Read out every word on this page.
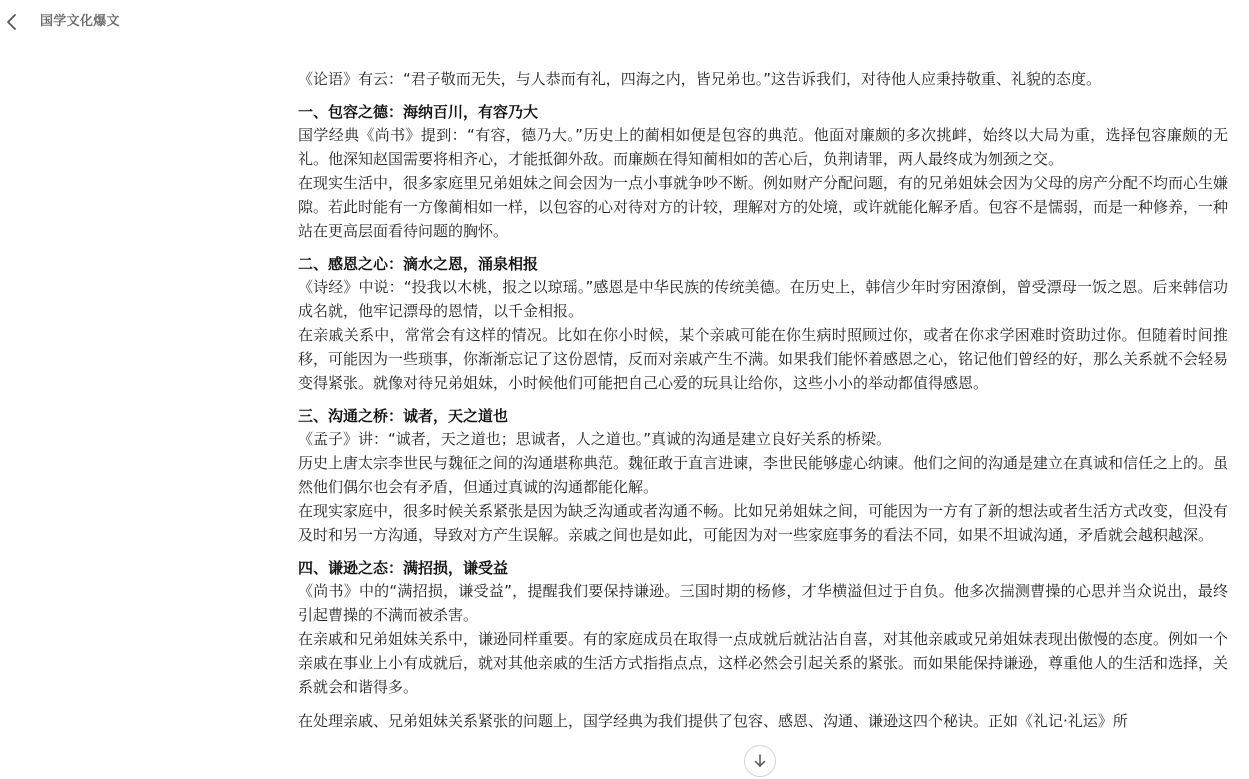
国学文化爆文

《论语》有云：“君子敬而无失，与人恭而有礼，四海之内，皆兄弟也。”这告诉我们，对待他人应秉持敬重、礼貌的态度。

一、包容之德：海纳百川，有容乃大

国学经典《尚书》提到：“有容，德乃大。”历史上的蔺相如便是包容的典范。他面对廉颇的多次挑衅，始终以大局为重，选择包容廉颇的无礼。他深知赵国需要将相齐心，才能抵御外敌。而廉颇在得知蔺相如的苦心后，负荆请罪，两人最终成为刎颈之交。

在现实生活中，很多家庭里兄弟姐妹之间会因为一点小事就争吵不断。例如财产分配问题，有的兄弟姐妹会因为父母的房产分配不均而心生嫌隙。若此时能有一方像蔺相如一样，以包容的心对待对方的计较，理解对方的处境，或许就能化解矛盾。包容不是懦弱，而是一种修养，一种站在更高层面看待问题的胸怀。

二、感恩之心：滴水之恩，涌泉相报

《诗经》中说：“投我以木桃，报之以琼瑶。”感恩是中华民族的传统美德。在历史上，韩信少年时穷困潦倒，曾受漂母一饭之恩。后来韩信功成名就，他牢记漂母的恩情，以千金相报。

在亲戚关系中，常常会有这样的情况。比如在你小时候，某个亲戚可能在你生病时照顾过你，或者在你求学困难时资助过你。但随着时间推移，可能因为一些琐事，你渐渐忘记了这份恩情，反而对亲戚产生不满。如果我们能怀着感恩之心，铭记他们曾经的好，那么关系就不会轻易变得紧张。就像对待兄弟姐妹，小时候他们可能把自己心爱的玩具让给你，这些小小的举动都值得感恩。

三、沟通之桥：诚者，天之道也

《孟子》讲：“诚者，天之道也；思诚者，人之道也。”真诚的沟通是建立良好关系的桥梁。

历史上唐太宗李世民与魏征之间的沟通堪称典范。魏征敢于直言进谏，李世民能够虚心纳谏。他们之间的沟通是建立在真诚和信任之上的。虽然他们偶尔也会有矛盾，但通过真诚的沟通都能化解。

在现实家庭中，很多时候关系紧张是因为缺乏沟通或者沟通不畅。比如兄弟姐妹之间，可能因为一方有了新的想法或者生活方式改变，但没有及时和另一方沟通，导致对方产生误解。亲戚之间也是如此，可能因为对一些家庭事务的看法不同，如果不坦诚沟通，矛盾就会越积越深。

四、谦逊之态：满招损，谦受益

《尚书》中的“满招损，谦受益”，提醒我们要保持谦逊。三国时期的杨修，才华横溢但过于自负。他多次揣测曹操的心思并当众说出，最终引起曹操的不满而被杀害。

在亲戚和兄弟姐妹关系中，谦逊同样重要。有的家庭成员在取得一点成就后就沾沾自喜，对其他亲戚或兄弟姐妹表现出傲慢的态度。例如一个亲戚在事业上小有成就后，就对其他亲戚的生活方式指指点点，这样必然会引起关系的紧张。而如果能保持谦逊，尊重他人的生活和选择，关系就会和谐得多。

在处理亲戚、兄弟姐妹关系紧张的问题上，国学经典为我们提供了包容、感恩、沟通、谦逊这四个秘诀。正如《礼记·礼运》所
